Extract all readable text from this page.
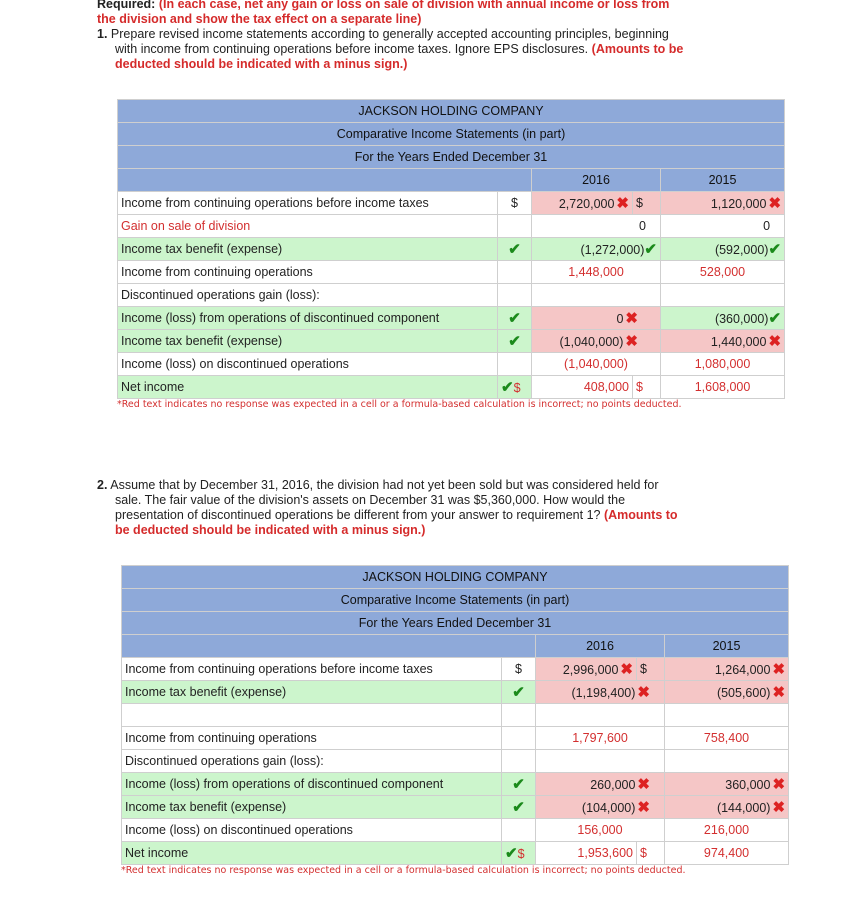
Required: (In each case, net any gain or loss on sale of division with annual income or loss from
the division and show the tax effect on a separate line)
1. Prepare revised income statements according to generally accepted accounting principles, beginning
with income from continuing operations before income taxes. Ignore EPS disclosures. (Amounts to be
deducted should be indicated with a minus sign.)
JACKSON HOLDING COMPANY				
Comparative Income Statements (in part)				
For the Years Ended December 31				
		2016		2015
Income from continuing operations before income taxes	$	2,720,000 ✖	$	1,120,000 ✖
Gain on sale of division		0		0
Income tax benefit (expense)	✔	(1,272,000)✔		(592,000)✔
Income from continuing operations		1,448,000		528,000
Discontinued operations gain (loss):				
Income (loss) from operations of discontinued component	✔	0 ✖		(360,000)✔
Income tax benefit (expense)	✔	(1,040,000) ✖		1,440,000 ✖
Income (loss) on discontinued operations		(1,040,000)		1,080,000
Net income	✔$	408,000	$	1,608,000
*Red text indicates no response was expected in a cell or a formula-based calculation is incorrect; no points deducted.
2. Assume that by December 31, 2016, the division had not yet been sold but was considered held for
sale. The fair value of the division's assets on December 31 was $5,360,000. How would the
presentation of discontinued operations be different from your answer to requirement 1? (Amounts to
be deducted should be indicated with a minus sign.)
JACKSON HOLDING COMPANY				
Comparative Income Statements (in part)				
For the Years Ended December 31				
		2016		2015
Income from continuing operations before income taxes	$	2,996,000 ✖	$	1,264,000 ✖
Income tax benefit (expense)	✔	(1,198,400) ✖		(505,600) ✖

Income from continuing operations		1,797,600		758,400
Discontinued operations gain (loss):				
Income (loss) from operations of discontinued component	✔	260,000 ✖		360,000 ✖
Income tax benefit (expense)	✔	(104,000) ✖		(144,000) ✖
Income (loss) on discontinued operations		156,000		216,000
Net income	✔$	1,953,600	$	974,400
*Red text indicates no response was expected in a cell or a formula-based calculation is incorrect; no points deducted.
